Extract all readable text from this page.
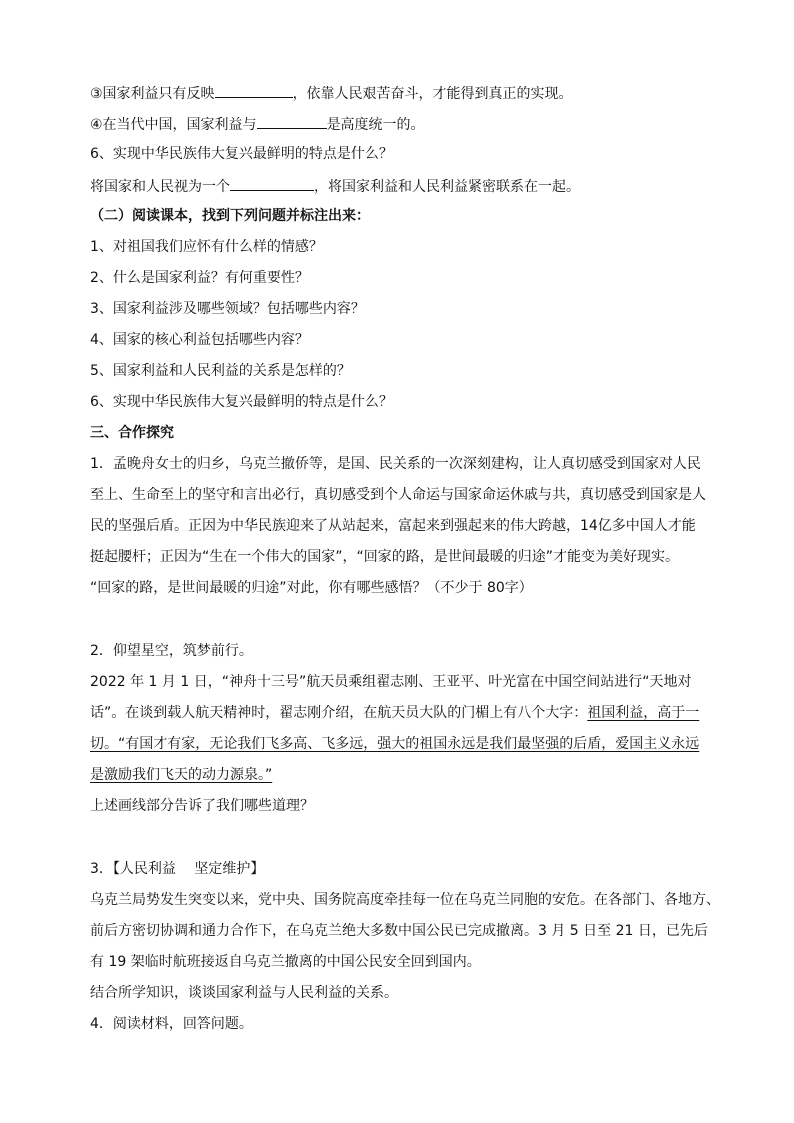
③国家利益只有反映	，依靠人民艰苦奋斗，才能得到真正的实现。
④在当代中国，国家利益与	是高度统一的。
6、实现中华民族伟大复兴最鲜明的特点是什么？
将国家和人民视为一个	，将国家利益和人民利益紧密联系在一起。
（二）阅读课本，找到下列问题并标注出来：
1、对祖国我们应怀有什么样的情感？
2、什么是国家利益？有何重要性？
3、国家利益涉及哪些领域？包括哪些内容？
4、国家的核心利益包括哪些内容？
5、国家利益和人民利益的关系是怎样的？
6、实现中华民族伟大复兴最鲜明的特点是什么？
三、合作探究
1．孟晚舟女士的归乡，乌克兰撤侨等，是国、民关系的一次深刻建构，让人真切感受到国家对人民
至上、生命至上的坚守和言出必行，真切感受到个人命运与国家命运休戚与共，真切感受到国家是人
民的坚强后盾。正因为中华民族迎来了从站起来，富起来到强起来的伟大跨越，14亿多中国人才能
挺起腰杆；正因为“生在一个伟大的国家”，“回家的路，是世间最暖的归途”才能变为美好现实。
“回家的路，是世间最暖的归途”对此，你有哪些感悟？（不少于 80字）
2．仰望星空，筑梦前行。
2022 年 1 月 1 日，“神舟十三号”航天员乘组翟志刚、王亚平、叶光富在中国空间站进行“天地对
话”。在谈到载人航天精神时，翟志刚介绍，在航天员大队的门楣上有八个大字：祖国利益，高于一
切。“有国才有家，无论我们飞多高、飞多远，强大的祖国永远是我们最坚强的后盾，爱国主义永远
是激励我们飞天的动力源泉。”
上述画线部分告诉了我们哪些道理？
3．【人民利益　 坚定维护】
乌克兰局势发生突变以来，党中央、国务院高度牵挂每一位在乌克兰同胞的安危。在各部门、各地方、
前后方密切协调和通力合作下，在乌克兰绝大多数中国公民已完成撤离。3 月 5 日至 21 日，已先后
有 19 架临时航班接返自乌克兰撤离的中国公民安全回到国内。
结合所学知识，谈谈国家利益与人民利益的关系。
4．阅读材料，回答问题。
